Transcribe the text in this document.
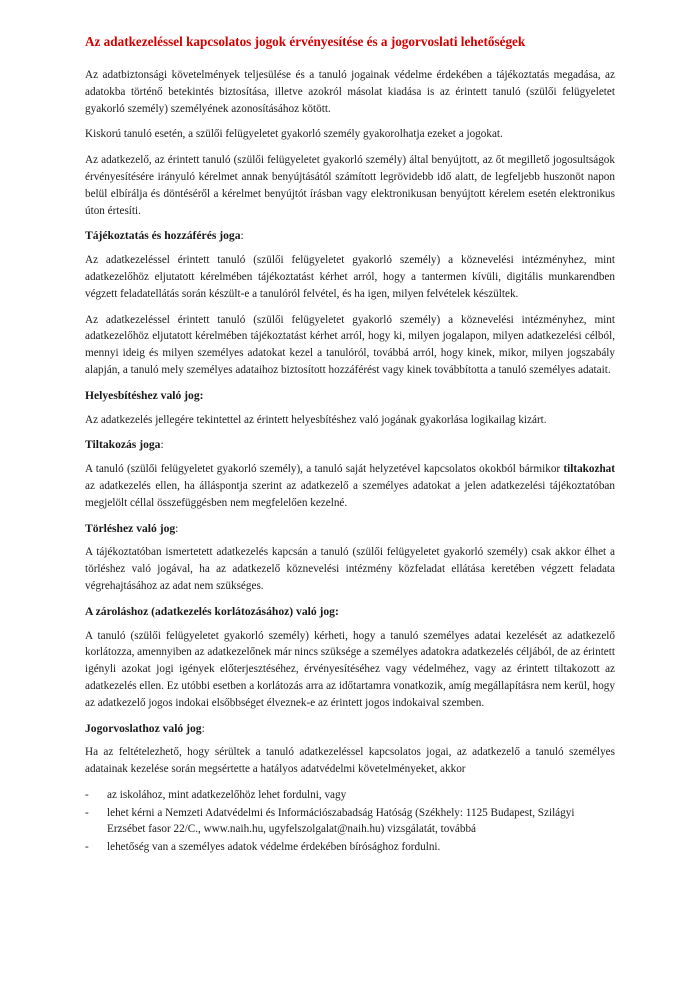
Az adatkezeléssel kapcsolatos jogok érvényesítése és a jogorvoslati lehetőségek

Az adatbiztonsági követelmények teljesülése és a tanuló jogainak védelme érdekében a tájékoztatás megadása, az adatokba történő betekintés biztosítása, illetve azokról másolat kiadása is az érintett tanuló (szülői felügyeletet gyakorló személy) személyének azonosításához kötött.

Kiskorú tanuló esetén, a szülői felügyeletet gyakorló személy gyakorolhatja ezeket a jogokat.

Az adatkezelő, az érintett tanuló (szülői felügyeletet gyakorló személy) által benyújtott, az őt megillető jogosultságok érvényesítésére irányuló kérelmet annak benyújtásától számított legrövidebb idő alatt, de legfeljebb huszonöt napon belül elbírálja és döntéséről a kérelmet benyújtót írásban vagy elektronikusan benyújtott kérelem esetén elektronikus úton értesíti.

Tájékoztatás és hozzáférés joga:

Az adatkezeléssel érintett tanuló (szülői felügyeletet gyakorló személy) a köznevelési intézményhez, mint adatkezelőhöz eljutatott kérelmében tájékoztatást kérhet arról, hogy a tantermen kívüli, digitális munkarendben végzett feladatellátás során készült-e a tanulóról felvétel, és ha igen, milyen felvételek készültek.

Az adatkezeléssel érintett tanuló (szülői felügyeletet gyakorló személy) a köznevelési intézményhez, mint adatkezelőhöz eljutatott kérelmében tájékoztatást kérhet arról, hogy ki, milyen jogalapon, milyen adatkezelési célból, mennyi ideig és milyen személyes adatokat kezel a tanulóról, továbbá arról, hogy kinek, mikor, milyen jogszabály alapján, a tanuló mely személyes adataihoz biztosított hozzáférést vagy kinek továbbította a tanuló személyes adatait.

Helyesbítéshez való jog:

Az adatkezelés jellegére tekintettel az érintett helyesbítéshez való jogának gyakorlása logikailag kizárt.

Tiltakozás joga:

A tanuló (szülői felügyeletet gyakorló személy), a tanuló saját helyzetével kapcsolatos okokból bármikor tiltakozhat az adatkezelés ellen, ha álláspontja szerint az adatkezelő a személyes adatokat a jelen adatkezelési tájékoztatóban megjelölt céllal összefüggésben nem megfelelően kezelné.

Törléshez való jog:

A tájékoztatóban ismertetett adatkezelés kapcsán a tanuló (szülői felügyeletet gyakorló személy) csak akkor élhet a törléshez való jogával, ha az adatkezelő köznevelési intézmény közfeladat ellátása keretében végzett feladata végrehajtásához az adat nem szükséges.

A zároláshoz (adatkezelés korlátozásához) való jog:

A tanuló (szülői felügyeletet gyakorló személy) kérheti, hogy a tanuló személyes adatai kezelését az adatkezelő korlátozza, amennyiben az adatkezelőnek már nincs szüksége a személyes adatokra adatkezelés céljából, de az érintett igényli azokat jogi igények előterjesztéséhez, érvényesítéséhez vagy védelméhez, vagy az érintett tiltakozott az adatkezelés ellen. Ez utóbbi esetben a korlátozás arra az időtartamra vonatkozik, amíg megállapításra nem kerül, hogy az adatkezelő jogos indokai elsőbbséget élveznek-e az érintett jogos indokaival szemben.

Jogorvoslathoz való jog:

Ha az feltételezhető, hogy sérültek a tanuló adatkezeléssel kapcsolatos jogai, az adatkezelő a tanuló személyes adatainak kezelése során megsértette a hatályos adatvédelmi követelményeket, akkor

- az iskolához, mint adatkezelőhöz lehet fordulni, vagy
- lehet kérni a Nemzeti Adatvédelmi és Információszabadság Hatóság (Székhely: 1125 Budapest, Szilágyi Erzsébet fasor 22/C., www.naih.hu, ugyfelszolgalat@naih.hu) vizsgálatát, továbbá
- lehetőség van a személyes adatok védelme érdekében bírósághoz fordulni.
